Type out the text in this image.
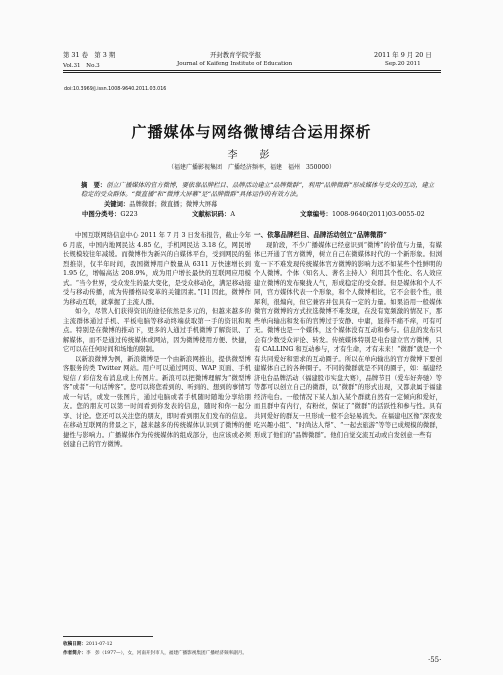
第 31 卷　第 3 期
Vol.31　No.3
开封教育学院学报
Journal of Kaifeng Institute of Education
2011 年 9 月 20 日
Sep.20 2011
doi:10.3969/j.issn.1008-9640.2011.03.016
广播媒体与网络微博结合运用探析
李　彭
（福建广播影视集团　广播经济频率，福建　福州　350000）
摘　要：创立广播媒体的官方微博，要依靠品牌栏目、品牌活动建立“品牌微群”，利用“品牌微群”形成媒体与受众的互动，建立稳定的受众群体。“微直播”和“微博大屏幕”是“品牌微群”具体运作的有效方法。
关键词：品牌微群；微直播；微博大屏幕
中图分类号：G223	文献标识码：A	文章编号：1008-9640(2011)03-0055-02

中国互联网络信息中心 2011 年 7 月 3 日发布报告，截止今年 6 月底，中国内地网民达 4.85 亿，手机网民达 3.18 亿，网民增长规模较往年减缓。而微博作为新兴的自媒体平台，受到网民的强烈推崇，仅半年时间，我国微博用户数量从 6311 万快速增长到 1.95 亿，增幅高达 208.9%，成为用户增长最快的互联网应用模式。“当今世界，受众发生的最大变化，是受众移动化，满足移动接受与移动传播，成为传播格局变革的关键因素。”[1] 因此，微博作为移动互联，就掌握了主流人群。

如今，尽管人们获得资讯的途径依然是多元的，但越来越多的主流群体通过手机、平板电脑等移动终端获取第一手的资讯和观点。特别是在微博的推动下，更多的人通过手机微博了解资讯、了解媒体，而不是通过传统媒体或网站，因为微博使用方便、快捷，它可以在任何时间和场地的限制。

以新浪微博为例，新浪微博是一个由新浪网推出，提供微型博客服务的类 Twitter 网站。用户可以通过网页、WAP 页面、手机短信 / 彩信发布消息或上传图片。新浪可以把微博理解为“微型博客”或者“一句话博客”。您可以将您看到的、听到的、想到的事情写成一句话，或发一张图片，通过电脑或者手机随时随地分享给朋友。您的朋友可以第一时间看到你发表的信息，随时和你一起分享、讨论。您还可以关注您的朋友，即时看到朋友们发布的信息。在移动互联网的背景之下，越来越多的传统媒体认识到了微博的便捷性与影响力。广播媒体作为传统媒体的组成部分，也应该或必须创建自己的官方微博。

一、依靠品牌栏目、品牌活动创立“品牌微群”

现阶段，不少广播媒体已经意识到“微博”的价值与力量，有媒体已开通了官方微博，树立自己在微媒体时代的一个新形象。但浏览一下不难发现传统媒体官方微博的影响力远不如某些个性鲜明的个人微博。个体（知名人、著名主持人）利用其个性化、名人效应建立微博的发布聚拢人气，形成稳定的受众群。但是媒体和个人不同，官方媒体代表一个形象，和个人微博相比，它不会很个性，很犀利，很煽向，但它兼容并包具有一定的力量。如果沿用一般媒体微官方微博的方式拉选微博不难发现，在没有宽频激的情况下，那些单向输出和发布的官博过于安静、中庸，显得不痛不痒，可有可无。微博也是一个媒体，这个媒体没有互动和参与。信息的发布只会有少数受众评论、转发。传统媒体特别是电台建立官方微博，只有 CALLING 和互动参与，才有生命，才有未来！“微群”就是一个有共同爱好和需求的互动圈子。所以在单向输出的官方微博下要创建媒体自己的各种圈子。不同的微群就是不同的圈子，如：福建经济电台品牌活动（福建股市实盘大赛），品牌节目（爱车好奔驰）等等都可以创立自己的微群，以“微群”的形式出现，又都隶属于福建经济电台。一般情况下某人加入某个群就自然有一定倾向和爱好，而且群中有内行，有粉丝，保证了“微群”的活跃性和参与性。具有共同爱好的群友一旦形成一般不会轻易流失。在福建电区像“深夜发吃兴趣小组”、“时尚达人帮”、“一起去旅游”等等已成规模的微群，形成了他们的“品牌微群”。他们自觉交流互动或自发创意一些有

收稿日期：2011-07-12
作者简介：李　彭（1977—），女，河南开封市人，福建广播影视集团广播经济频率副月。
·55·
